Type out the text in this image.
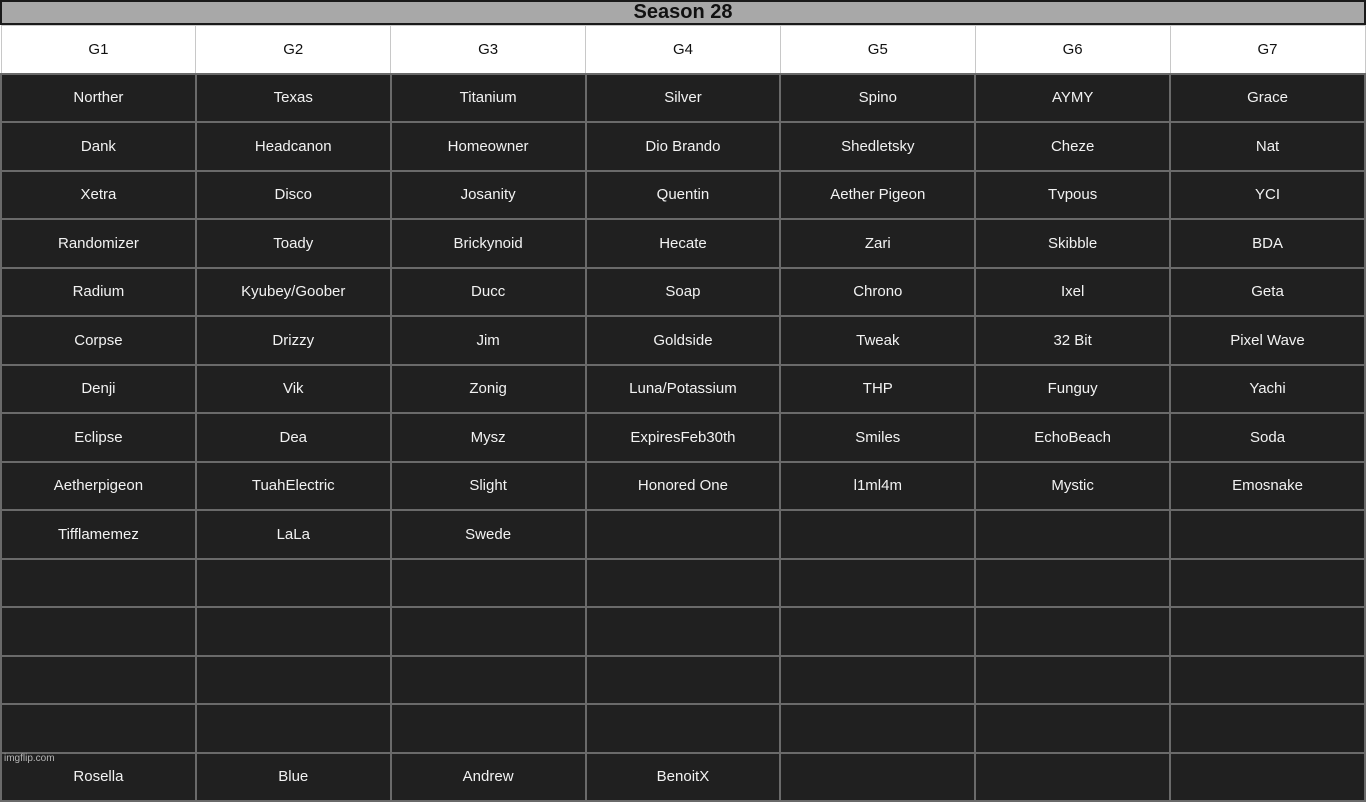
Season 28
G1	G2	G3	G4	G5	G6	G7
Norther	Texas	Titanium	Silver	Spino	AYMY	Grace
Dank	Headcanon	Homeowner	Dio Brando	Shedletsky	Cheze	Nat
Xetra	Disco	Josanity	Quentin	Aether Pigeon	Tvpous	YCI
Randomizer	Toady	Brickynoid	Hecate	Zari	Skibble	BDA
Radium	Kyubey/Goober	Ducc	Soap	Chrono	Ixel	Geta
Corpse	Drizzy	Jim	Goldside	Tweak	32 Bit	Pixel Wave
Denji	Vik	Zonig	Luna/Potassium	THP	Funguy	Yachi
Eclipse	Dea	Mysz	ExpiresFeb30th	Smiles	EchoBeach	Soda
Aetherpigeon	TuahElectric	Slight	Honored One	l1ml4m	Mystic	Emosnake
Tifflamemez	LaLa	Swede				

Rosella	Blue	Andrew	BenoitX			
imgflip.com
